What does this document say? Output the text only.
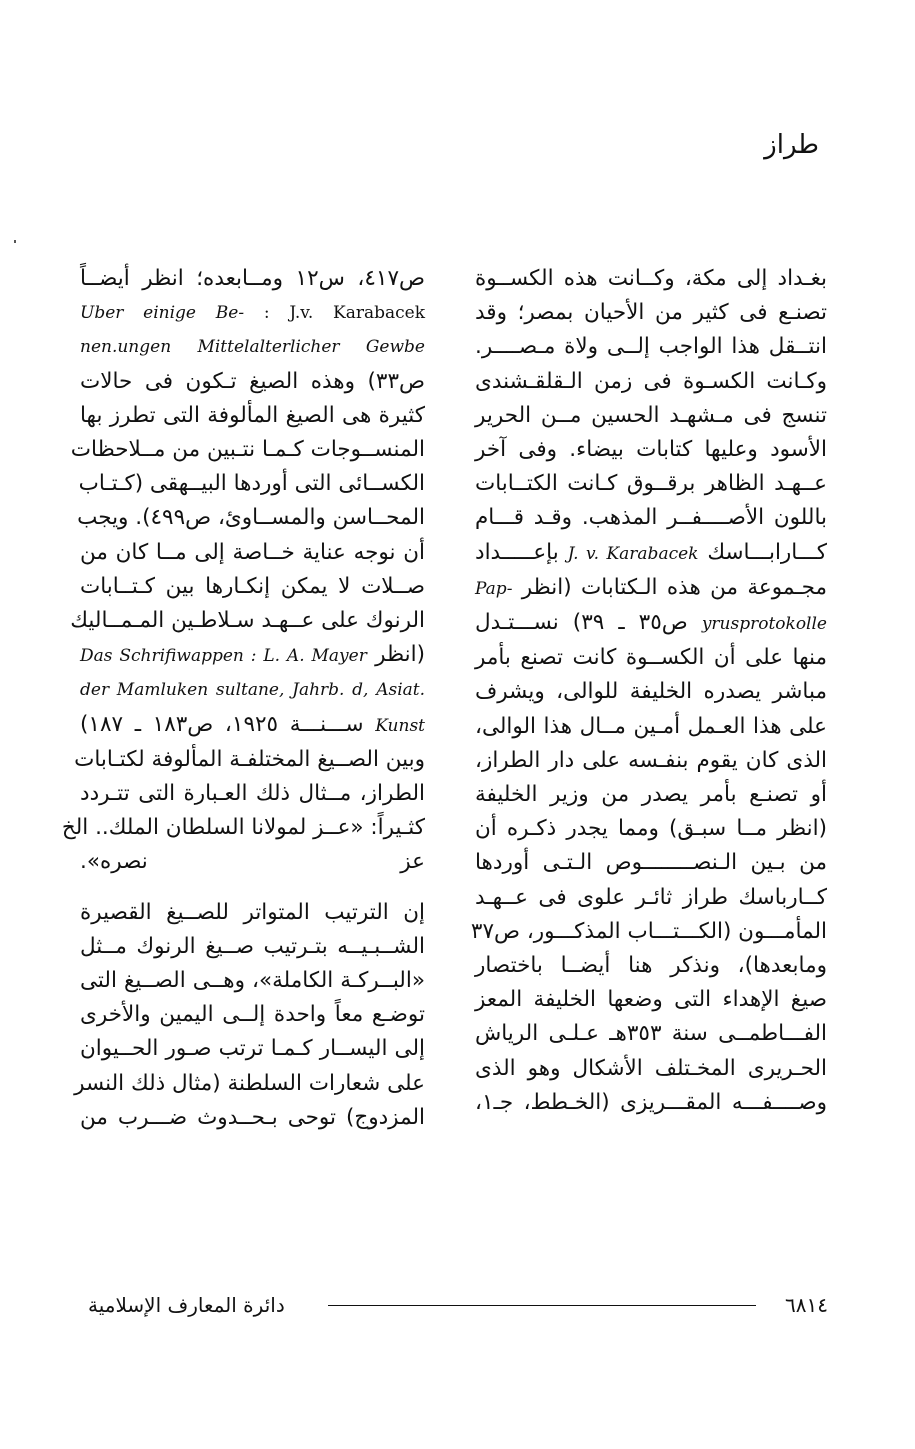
طراز
بغـداد إلى مكة، وكــانت هذه الكســوة
تصنـع فى كثير من الأحيان بمصر؛ وقد
انتــقل هذا الواجب إلــى ولاة مـصــــر.
وكـانت الكسـوة فى زمن الـقلقـشندى
تنسج فى مـشهـد الحسين مــن الحرير
الأسود وعليها كتابات بيضاء. وفى آخر
عــهـد الظاهر برقــوق كـانت الكتــابات
باللون الأصــــفــر المذهب. وقـد قـــام
كـــارابـــاسك J. v. Karabacek بإعـــــداد
مجـموعة من هذه الـكتابات (انظر Pap-
yrusprotokolle ص٣٥ ـ ٣٩) نســـتـدل
منها على أن الكســوة كانت تصنع بأمر
مباشر يصدره الخليفة للوالى، ويشرف
على هذا العـمل أمـين مــال هذا الوالى،
الذى كان يقوم بنفـسه على دار الطراز،
أو تصنـع بأمر يصدر من وزير الخليفة
(انظر مــا سبـق) ومما يجدر ذكـره أن
من بـين الـنصــــــــوص الـتـى أوردها
كــارباسك طراز ثائـر علوى فى عــهـد
المأمـــون (الكـــتـــاب المذكـــور، ص٣٧
ومابعدها)، ونذكر هنا أيضــا باختصار
صيغ الإهداء التى وضعها الخليفة المعز
الفـــاطمــى سنة ٣٥٣هـ عـلـى الرياش
الحـريرى المخـتلف الأشكال وهو الذى
وصــــفـــه المقـــريزى (الخـطط، جـ١،
ص٤١٧، س١٢ ومــابعده؛ انظر أيضــاً
Uber einige Be- : J.v. Karabacek
nen.ungen Mittelalterlicher Gewbe
ص٣٣) وهذه الصيغ تـكون فى حالات
كثيرة هى الصيغ المألوفة التى تطرز بها
المنســوجات كـمـا نتـبين من مــلاحظات
الكســائى التى أوردها البيــهقى (كـتـاب
المحــاسن والمســاوئ، ص٤٩٩). ويجب
أن نوجه عناية خــاصة إلى مــا كان من
صــلات لا يمكن إنكـارها بين كـتــابات
الرنوك على عــهـد سـلاطـين المـمــاليك
(انظر Das Schrifiwappen : L. A. Mayer
der Mamluken sultane, Jahrb. d, Asiat.
Kunst ســـنـــة ١٩٢٥، ص١٨٣ ـ ١٨٧)
وبين الصــيغ المختلفـة المألوفة لكتـابات
الطراز، مــثال ذلك العـبارة التى تتـردد
كثـيراً: «عــز لمولانا السلطان الملك.. الخ
عز نصره».
إن الترتيب المتواتر للصــيغ القصيرة
الشــبـيــه بتـرتيب صــيغ الرنوك مــثل
«البــركـة الكاملة»، وهــى الصــيغ التى
توضـع معاً واحدة إلــى اليمين والأخرى
إلى اليســار كـمـا ترتب صـور الحــيوان
على شعارات السلطنة (مثال ذلك النسر
المزدوج) توحى بـحــدوث ضـــرب من
٦٨١٤
دائرة المعارف الإسلامية
